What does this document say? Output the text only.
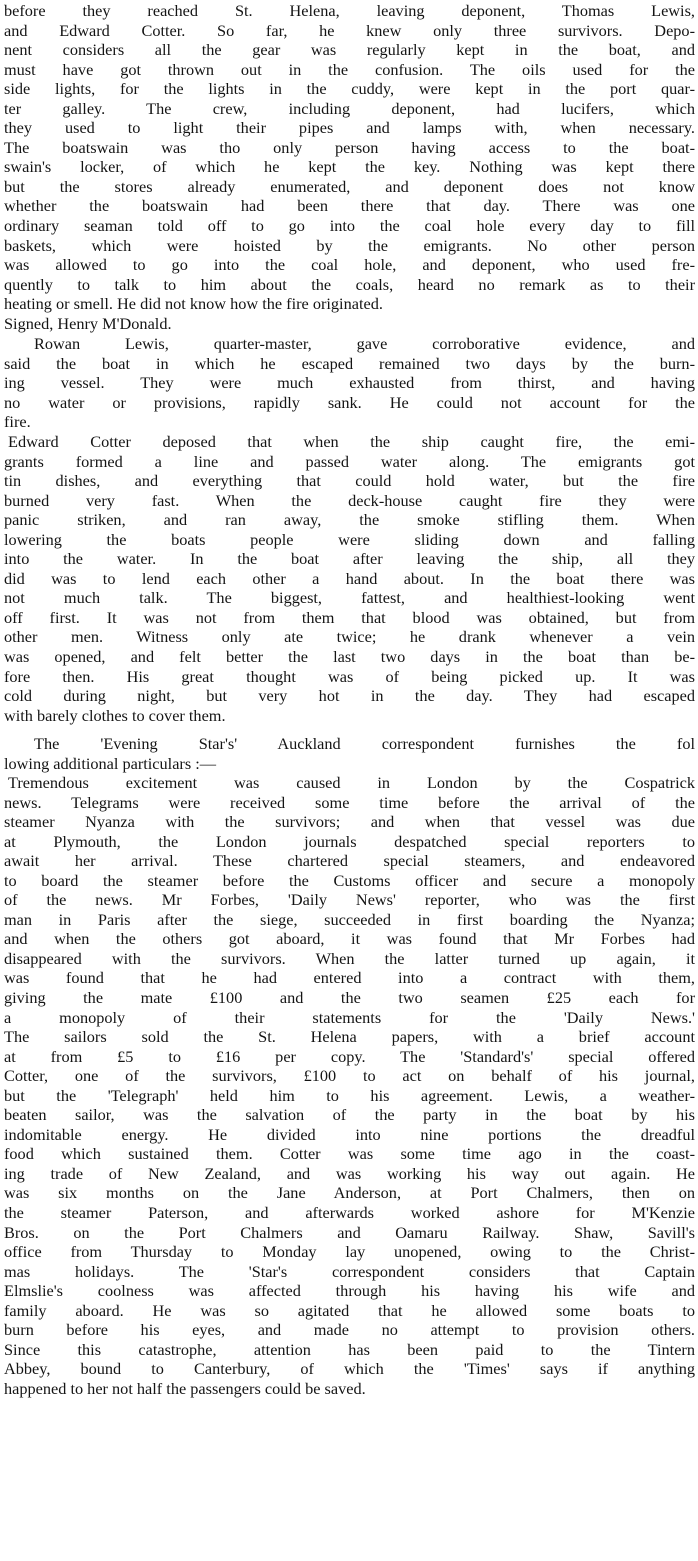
before they reached St. Helena, leaving deponent, Thomas Lewis,
and Edward Cotter. So far, he knew only three survivors. Depo-
nent considers all the gear was regularly kept in the boat, and
must have got thrown out in the confusion. The oils used for the
side lights, for the lights in the cuddy, were kept in the port quar-
ter galley. The crew, including deponent, had lucifers, which
they used to light their pipes and lamps with, when necessary.
The boatswain was tho only person having access to the boat-
swain's locker, of which he kept the key. Nothing was kept there
but the stores already enumerated, and deponent does not know
whether the boatswain had been there that day. There was one
ordinary seaman told off to go into the coal hole every day to fill
baskets, which were hoisted by the emigrants. No other person
was allowed to go into the coal hole, and deponent, who used fre-
quently to talk to him about the coals, heard no remark as to their
heating or smell. He did not know how the fire originated.
Signed, Henry M'Donald.
Rowan Lewis, quarter-master, gave corroborative evidence, and
said the boat in which he escaped remained two days by the burn-
ing vessel. They were much exhausted from thirst, and having
no water or provisions, rapidly sank. He could not account for the
fire.
Edward Cotter deposed that when the ship caught fire, the emi-
grants formed a line and passed water along. The emigrants got
tin dishes, and everything that could hold water, but the fire
burned very fast. When the deck-house caught fire they were
panic striken, and ran away, the smoke stifling them. When
lowering the boats people were sliding down and falling
into the water. In the boat after leaving the ship, all they
did was to lend each other a hand about. In the boat there was
not much talk. The biggest, fattest, and healthiest-looking went
off first. It was not from them that blood was obtained, but from
other men. Witness only ate twice; he drank whenever a vein
was opened, and felt better the last two days in the boat than be-
fore then. His great thought was of being picked up. It was
cold during night, but very hot in the day. They had escaped
with barely clothes to cover them.
The 'Evening Star's' Auckland correspondent furnishes the fol
lowing additional particulars :—
Tremendous excitement was caused in London by the Cospatrick
news. Telegrams were received some time before the arrival of the
steamer Nyanza with the survivors; and when that vessel was due
at Plymouth, the London journals despatched special reporters to
await her arrival. These chartered special steamers, and endeavored
to board the steamer before the Customs officer and secure a monopoly
of the news. Mr Forbes, 'Daily News' reporter, who was the first
man in Paris after the siege, succeeded in first boarding the Nyanza;
and when the others got aboard, it was found that Mr Forbes had
disappeared with the survivors. When the latter turned up again, it
was found that he had entered into a contract with them,
giving the mate £100 and the two seamen £25 each for
a monopoly of their statements for the 'Daily News.'
The sailors sold the St. Helena papers, with a brief account
at from £5 to £16 per copy. The 'Standard's' special offered
Cotter, one of the survivors, £100 to act on behalf of his journal,
but the 'Telegraph' held him to his agreement. Lewis, a weather-
beaten sailor, was the salvation of the party in the boat by his
indomitable energy. He divided into nine portions the dreadful
food which sustained them. Cotter was some time ago in the coast-
ing trade of New Zealand, and was working his way out again. He
was six months on the Jane Anderson, at Port Chalmers, then on
the steamer Paterson, and afterwards worked ashore for M'Kenzie
Bros. on the Port Chalmers and Oamaru Railway. Shaw, Savill's
office from Thursday to Monday lay unopened, owing to the Christ-
mas holidays. The 'Star's correspondent considers that Captain
Elmslie's coolness was affected through his having his wife and
family aboard. He was so agitated that he allowed some boats to
burn before his eyes, and made no attempt to provision others.
Since this catastrophe, attention has been paid to the Tintern
Abbey, bound to Canterbury, of which the 'Times' says if anything
happened to her not half the passengers could be saved.
